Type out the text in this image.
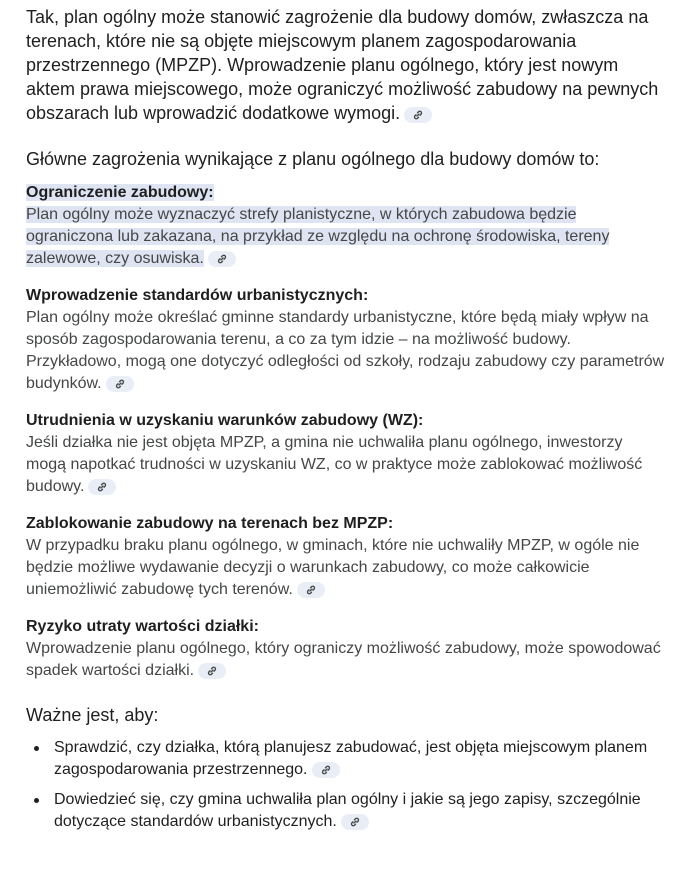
Tak, plan ogólny może stanowić zagrożenie dla budowy domów, zwłaszcza na terenach, które nie są objęte miejscowym planem zagospodarowania przestrzennego (MPZP). Wprowadzenie planu ogólnego, który jest nowym aktem prawa miejscowego, może ograniczyć możliwość zabudowy na pewnych obszarach lub wprowadzić dodatkowe wymogi.

Główne zagrożenia wynikające z planu ogólnego dla budowy domów to:

Ograniczenie zabudowy:

Plan ogólny może wyznaczyć strefy planistyczne, w których zabudowa będzie ograniczona lub zakazana, na przykład ze względu na ochronę środowiska, tereny zalewowe, czy osuwiska.

Wprowadzenie standardów urbanistycznych:

Plan ogólny może określać gminne standardy urbanistyczne, które będą miały wpływ na sposób zagospodarowania terenu, a co za tym idzie – na możliwość budowy. Przykładowo, mogą one dotyczyć odległości od szkoły, rodzaju zabudowy czy parametrów budynków.

Utrudnienia w uzyskaniu warunków zabudowy (WZ):

Jeśli działka nie jest objęta MPZP, a gmina nie uchwaliła planu ogólnego, inwestorzy mogą napotkać trudności w uzyskaniu WZ, co w praktyce może zablokować możliwość budowy.

Zablokowanie zabudowy na terenach bez MPZP:

W przypadku braku planu ogólnego, w gminach, które nie uchwaliły MPZP, w ogóle nie będzie możliwe wydawanie decyzji o warunkach zabudowy, co może całkowicie uniemożliwić zabudowę tych terenów.

Ryzyko utraty wartości działki:

Wprowadzenie planu ogólnego, który ograniczy możliwość zabudowy, może spowodować spadek wartości działki.

Ważne jest, aby:

Sprawdzić, czy działka, którą planujesz zabudować, jest objęta miejscowym planem zagospodarowania przestrzennego.
Dowiedzieć się, czy gmina uchwaliła plan ogólny i jakie są jego zapisy, szczególnie dotyczące standardów urbanistycznych.
